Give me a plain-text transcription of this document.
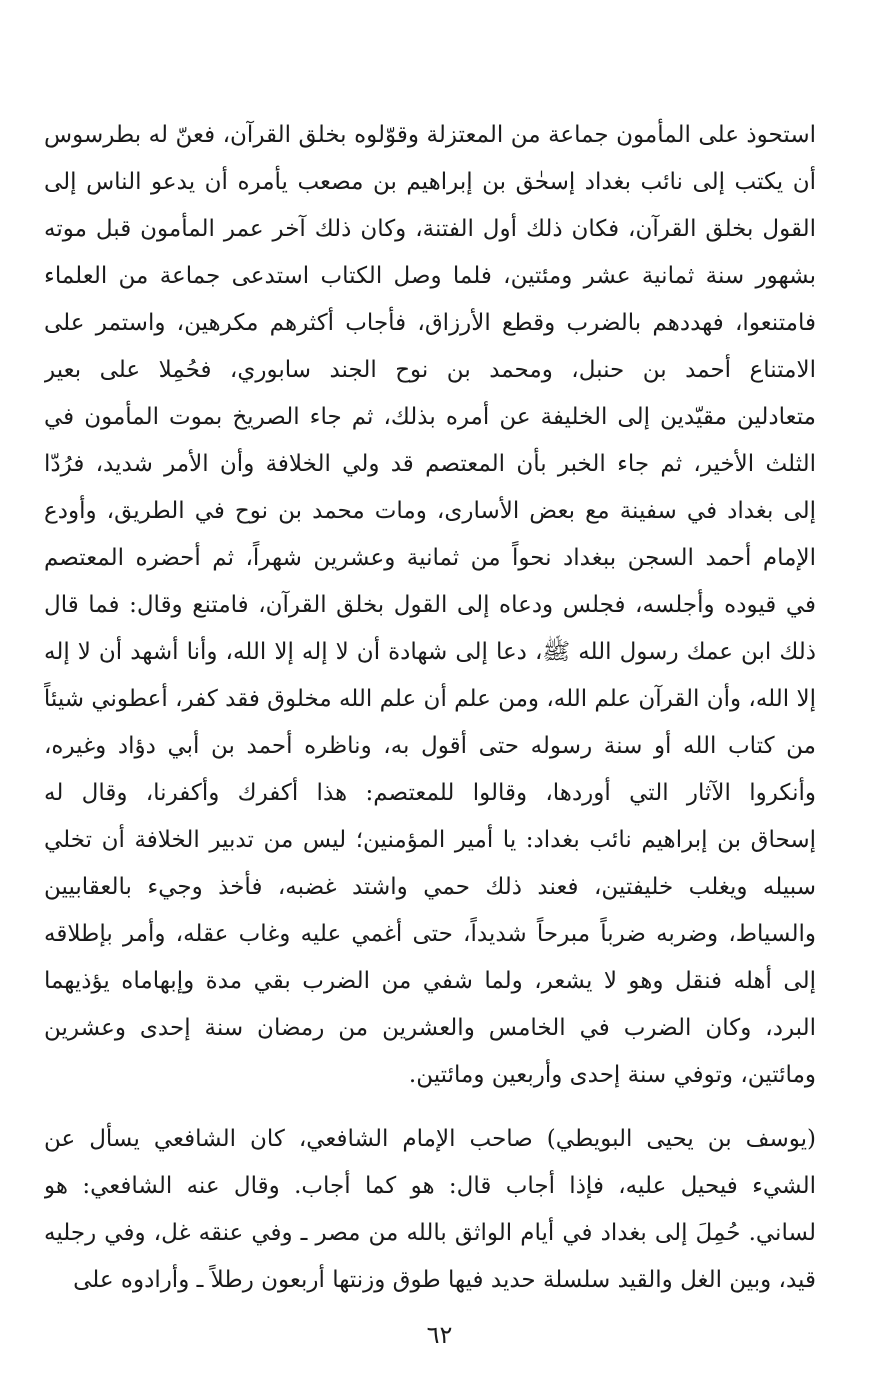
استحوذ على المأمون جماعة من المعتزلة وقوّلوه بخلق القرآن، فعنّ له بطرسوس
أن يكتب إلى نائب بغداد إسحٰق بن إبراهيم بن مصعب يأمره أن يدعو الناس إلى
القول بخلق القرآن، فكان ذلك أول الفتنة، وكان ذلك آخر عمر المأمون قبل موته
بشهور سنة ثمانية عشر ومئتين، فلما وصل الكتاب استدعى جماعة من العلماء
فامتنعوا، فهددهم بالضرب وقطع الأرزاق، فأجاب أكثرهم مكرهين، واستمر على
الامتناع أحمد بن حنبل، ومحمد بن نوح الجند سابوري، فحُمِلا على بعير
متعادلين مقيّدين إلى الخليفة عن أمره بذلك، ثم جاء الصريخ بموت المأمون في
الثلث الأخير، ثم جاء الخبر بأن المعتصم قد ولي الخلافة وأن الأمر شديد، فرُدّا
إلى بغداد في سفينة مع بعض الأسارى، ومات محمد بن نوح في الطريق، وأودع
الإمام أحمد السجن ببغداد نحواً من ثمانية وعشرين شهراً، ثم أحضره المعتصم
في قيوده وأجلسه، فجلس ودعاه إلى القول بخلق القرآن، فامتنع وقال: فما قال
ذلك ابن عمك رسول الله ﷺ، دعا إلى شهادة أن لا إله إلا الله، وأنا أشهد أن لا إله
إلا الله، وأن القرآن علم الله، ومن علم أن علم الله مخلوق فقد كفر، أعطوني شيئاً
من كتاب الله أو سنة رسوله حتى أقول به، وناظره أحمد بن أبي دؤاد وغيره،
وأنكروا الآثار التي أوردها، وقالوا للمعتصم: هذا أكفرك وأكفرنا، وقال له
إسحاق بن إبراهيم نائب بغداد: يا أمير المؤمنين؛ ليس من تدبير الخلافة أن تخلي
سبيله ويغلب خليفتين، فعند ذلك حمي واشتد غضبه، فأخذ وجيء بالعقابيين
والسياط، وضربه ضرباً مبرحاً شديداً، حتى أغمي عليه وغاب عقله، وأمر بإطلاقه
إلى أهله فنقل وهو لا يشعر، ولما شفي من الضرب بقي مدة وإبهاماه يؤذيهما
البرد، وكان الضرب في الخامس والعشرين من رمضان سنة إحدى وعشرين
ومائتين، وتوفي سنة إحدى وأربعين ومائتين.
(يوسف بن يحيى البويطي) صاحب الإمام الشافعي، كان الشافعي يسأل عن
الشيء فيحيل عليه، فإذا أجاب قال: هو كما أجاب. وقال عنه الشافعي: هو
لساني. حُمِلَ إلى بغداد في أيام الواثق بالله من مصر ـ وفي عنقه غل، وفي رجليه
قيد، وبين الغل والقيد سلسلة حديد فيها طوق وزنتها أربعون رطلاً ـ وأرادوه على
٦٢
